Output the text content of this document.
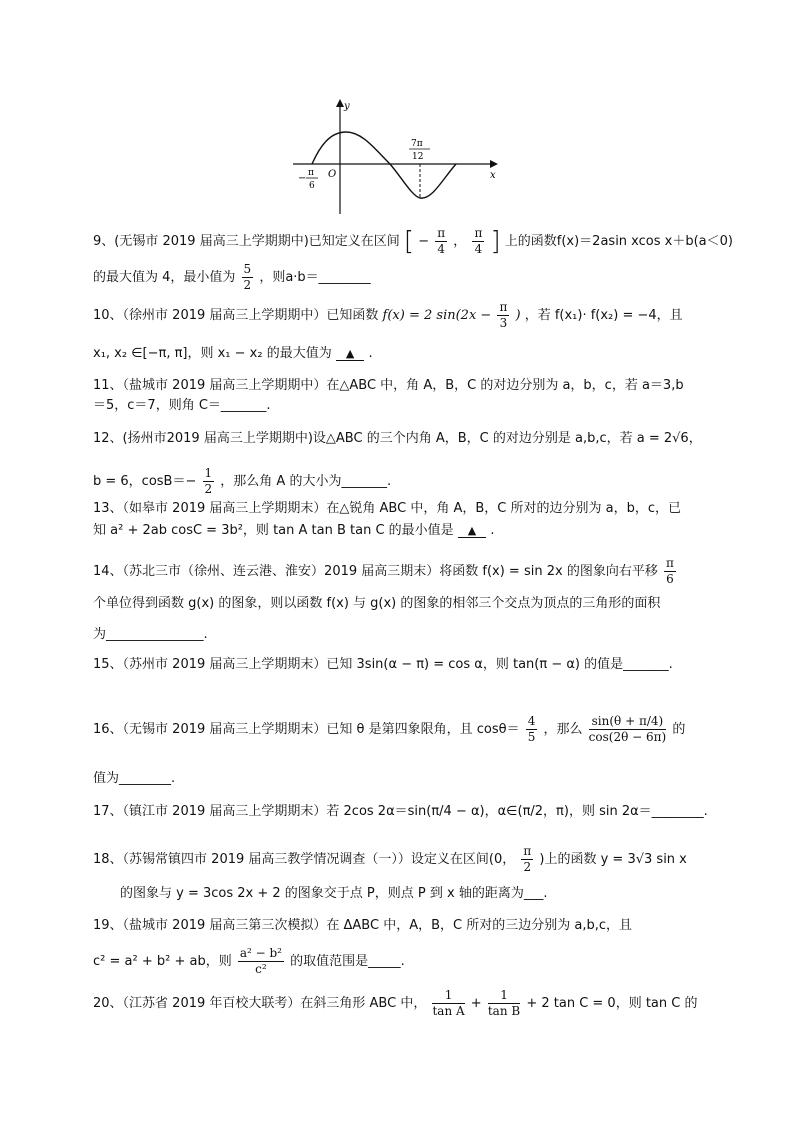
y
x
O
− π
6
7π
12
9、(无锡市 2019 届高三上学期期中)已知定义在区间 [ − $\frac{\pi}{4}$ ， $\frac{\pi}{4}$ ] 上的函数f(x)＝2asin xcos x＋b(a＜0)
的最大值为 4，最小值为 $\frac{5}{2}$ ，则a·b＝________
10、（徐州市 2019 届高三上学期期中）已知函数 f(x) = 2 $\sin(2x - \frac{\pi}{3}$ ) ，若 f(x₁)· f(x₂) = −4，且
x₁, x₂ ∈[−π, π]，则 x₁ − x₂ 的最大值为 ▲ .
11、（盐城市 2019 届高三上学期期中）在△ABC 中，角 A，B，C 的对边分别为 a，b，c，若 a＝3,b
＝5，c＝7，则角 C＝_______.
12、(扬州市2019 届高三上学期期中)设△ABC 的三个内角 A，B，C 的对边分别是 a,b,c，若 a = 2√6，
b = 6，$\cos B=- \frac{1}{2}$ ，那么角 A 的大小为_______.
13、（如皋市 2019 届高三上学期期末）在△锐角 ABC 中，角 A，B，C 所对的边分别为 a，b，c，已
知 a² + 2ab cosC = 3b²，则 tan A tan B tan C 的最小值是 ▲ .
14、（苏北三市（徐州、连云港、淮安）2019 届高三期末）将函数 f(x) = sin 2x 的图象向右平移 $\frac{\pi}{6}$
个单位得到函数 g(x) 的图象，则以函数 f(x) 与 g(x) 的图象的相邻三个交点为顶点的三角形的面积
为_______________.
15、（苏州市 2019 届高三上学期期末）已知 3sin(α − π) = cos α，则 tan(π − α) 的值是_______.
16、（无锡市 2019 届高三上学期期末）已知 θ 是第四象限角，且 $\cos\theta= \frac{4}{5}$ ，那么 $\frac{\sin(\theta + \pi/4)}{\cos(2\theta - 6\pi)}$ 的
值为________.
17、（镇江市 2019 届高三上学期期末）若 2cos 2α＝sin(π/4 − α)，α∈(π/2，π)，则 sin 2α＝________.
18、（苏锡常镇四市 2019 届高三教学情况调查（一））设定义在区间(0， $\frac{\pi}{2}$ )上的函数 y = 3√3 sin x
的图象与 y = 3cos 2x + 2 的图象交于点 P，则点 P 到 x 轴的距离为___.
19、（盐城市 2019 届高三第三次模拟）在 ΔABC 中，A，B，C 所对的三边分别为 a,b,c，且
c² = a² + b² + ab，则 $\frac{\text{a² − b²}}{\text{c²}}$ 的取值范围是_____.
20、（江苏省 2019 年百校大联考）在斜三角形 ABC 中， $\frac{1}{\text{tan A}} + \frac{1}{\text{tan B}} + 2$ tan C = 0，则 tan C 的
